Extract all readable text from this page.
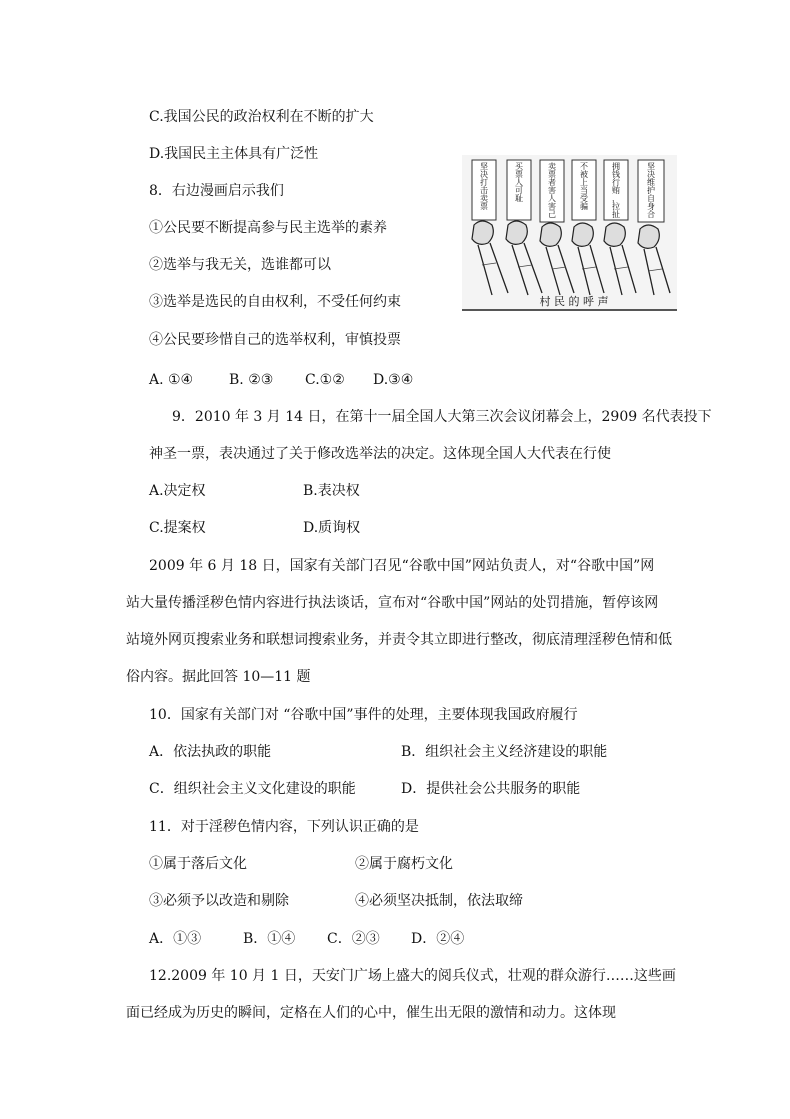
C.我国公民的政治权利在不断的扩大
D.我国民主主体具有广泛性
8．右边漫画启示我们
①公民要不断提高参与民主选举的素养
②选举与我无关，选谁都可以
③选举是选民的自由权利，不受任何约束
④公民要珍惜自己的选举权利，审慎投票
A. ①④	B. ②③ C.①② D.③④
坚决打击卖票
买票人可耻
卖票者害人害己
不被上当受骗
拥钱行贿，拉扯
坚决维护自身合
村 民 的 呼 声
9．2010 年 3 月 14 日，在第十一届全国人大第三次会议闭幕会上，2909 名代表投下
神圣一票，表决通过了关于修改选举法的决定。这体现全国人大代表在行使
A.决定权	B.表决权
C.提案权	D.质询权
2009 年 6 月 18 日，国家有关部门召见“谷歌中国”网站负责人，对“谷歌中国”网
站大量传播淫秽色情内容进行执法谈话，宣布对“谷歌中国”网站的处罚措施，暂停该网
站境外网页搜索业务和联想词搜索业务，并责令其立即进行整改，彻底清理淫秽色情和低
俗内容。据此回答 10—11 题
10．国家有关部门对 “谷歌中国”事件的处理，主要体现我国政府履行
A．依法执政的职能	B．组织社会主义经济建设的职能
C．组织社会主义文化建设的职能	D．提供社会公共服务的职能
11．对于淫秽色情内容，下列认识正确的是
①属于落后文化	②属于腐朽文化
③必须予以改造和剔除	④必须坚决抵制，依法取缔
A．①③	B．①④ C．②③ D．②④
12.2009 年 10 月 1 日，天安门广场上盛大的阅兵仪式，壮观的群众游行……这些画
面已经成为历史的瞬间，定格在人们的心中，催生出无限的激情和动力。这体现
